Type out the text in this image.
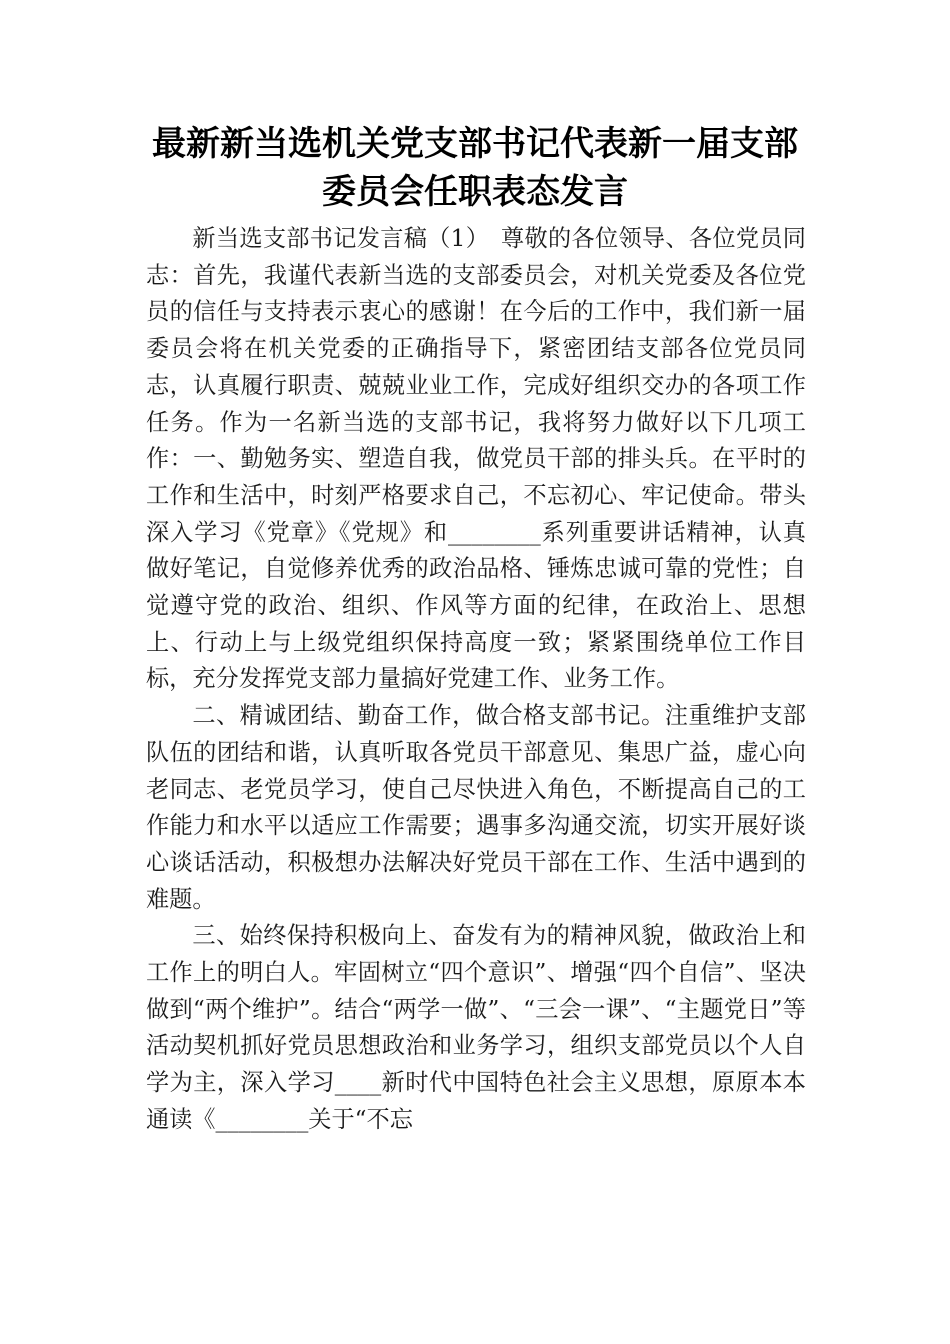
最新新当选机关党支部书记代表新一届支部委员会任职表态发言

新当选支部书记发言稿（1）　尊敬的各位领导、各位党员同志：首先，我谨代表新当选的支部委员会，对机关党委及各位党员的信任与支持表示衷心的感谢！在今后的工作中，我们新一届委员会将在机关党委的正确指导下，紧密团结支部各位党员同志，认真履行职责、兢兢业业工作，完成好组织交办的各项工作任务。作为一名新当选的支部书记，我将努力做好以下几项工作：一、勤勉务实、塑造自我，做党员干部的排头兵。在平时的工作和生活中，时刻严格要求自己，不忘初心、牢记使命。带头深入学习《党章》《党规》和________系列重要讲话精神，认真做好笔记，自觉修养优秀的政治品格、锤炼忠诚可靠的党性；自觉遵守党的政治、组织、作风等方面的纪律，在政治上、思想上、行动上与上级党组织保持高度一致；紧紧围绕单位工作目标，充分发挥党支部力量搞好党建工作、业务工作。

二、精诚团结、勤奋工作，做合格支部书记。注重维护支部队伍的团结和谐，认真听取各党员干部意见、集思广益，虚心向老同志、老党员学习，使自己尽快进入角色，不断提高自己的工作能力和水平以适应工作需要；遇事多沟通交流，切实开展好谈心谈话活动，积极想办法解决好党员干部在工作、生活中遇到的难题。

三、始终保持积极向上、奋发有为的精神风貌，做政治上和工作上的明白人。牢固树立“四个意识”、增强“四个自信”、坚决做到“两个维护”。结合“两学一做”、“三会一课”、“主题党日”等活动契机抓好党员思想政治和业务学习，组织支部党员以个人自学为主，深入学习____新时代中国特色社会主义思想，原原本本通读《________关于“不忘
